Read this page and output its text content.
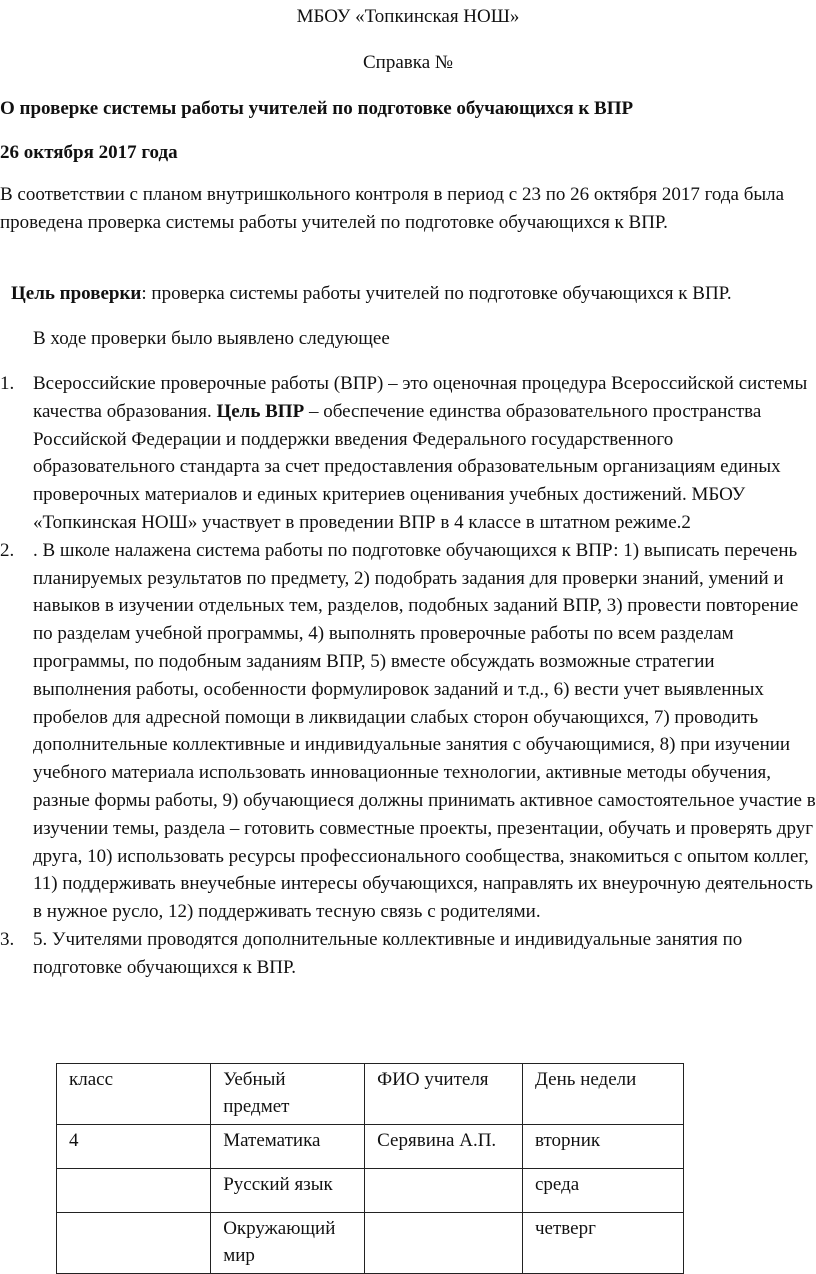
МБОУ «Топкинская НОШ»
Справка №
О проверке системы работы учителей по подготовке обучающихся к ВПР
26 октября 2017 года
В соответствии с планом внутришкольного контроля в период с 23 по 26 октября 2017 года была проведена проверка системы работы учителей по подготовке обучающихся к ВПР.
Цель проверки: проверка системы работы учителей по подготовке обучающихся к ВПР.
В ходе проверки было выявлено следующее
1. Всероссийские проверочные работы (ВПР) – это оценочная процедура Всероссийской системы качества образования. Цель ВПР – обеспечение единства образовательного пространства Российской Федерации и поддержки введения Федерального государственного образовательного стандарта за счет предоставления образовательным организациям единых проверочных материалов и единых критериев оценивания учебных достижений. МБОУ «Топкинская НОШ» участвует в проведении ВПР в 4 классе в штатном режиме.2
2. . В школе налажена система работы по подготовке обучающихся к ВПР: 1) выписать перечень планируемых результатов по предмету, 2) подобрать задания для проверки знаний, умений и навыков в изучении отдельных тем, разделов, подобных заданий ВПР, 3) провести повторение по разделам учебной программы, 4) выполнять проверочные работы по всем разделам программы, по подобным заданиям ВПР, 5) вместе обсуждать возможные стратегии выполнения работы, особенности формулировок заданий и т.д., 6) вести учет выявленных пробелов для адресной помощи в ликвидации слабых сторон обучающихся, 7) проводить дополнительные коллективные и индивидуальные занятия с обучающимися, 8) при изучении учебного материала использовать инновационные технологии, активные методы обучения, разные формы работы, 9) обучающиеся должны принимать активное самостоятельное участие в изучении темы, раздела – готовить совместные проекты, презентации, обучать и проверять друг друга, 10) использовать ресурсы профессионального сообщества, знакомиться с опытом коллег, 11) поддерживать внеучебные интересы обучающихся, направлять их внеурочную деятельность в нужное русло, 12) поддерживать тесную связь с родителями.
3. 5. Учителями проводятся дополнительные коллективные и индивидуальные занятия по подготовке обучающихся к ВПР.
класс	Уебный предмет	ФИО учителя	День недели
4	Математика	Серявина А.П.	вторник
	Русский язык		среда
	Окружающий мир		четверг
